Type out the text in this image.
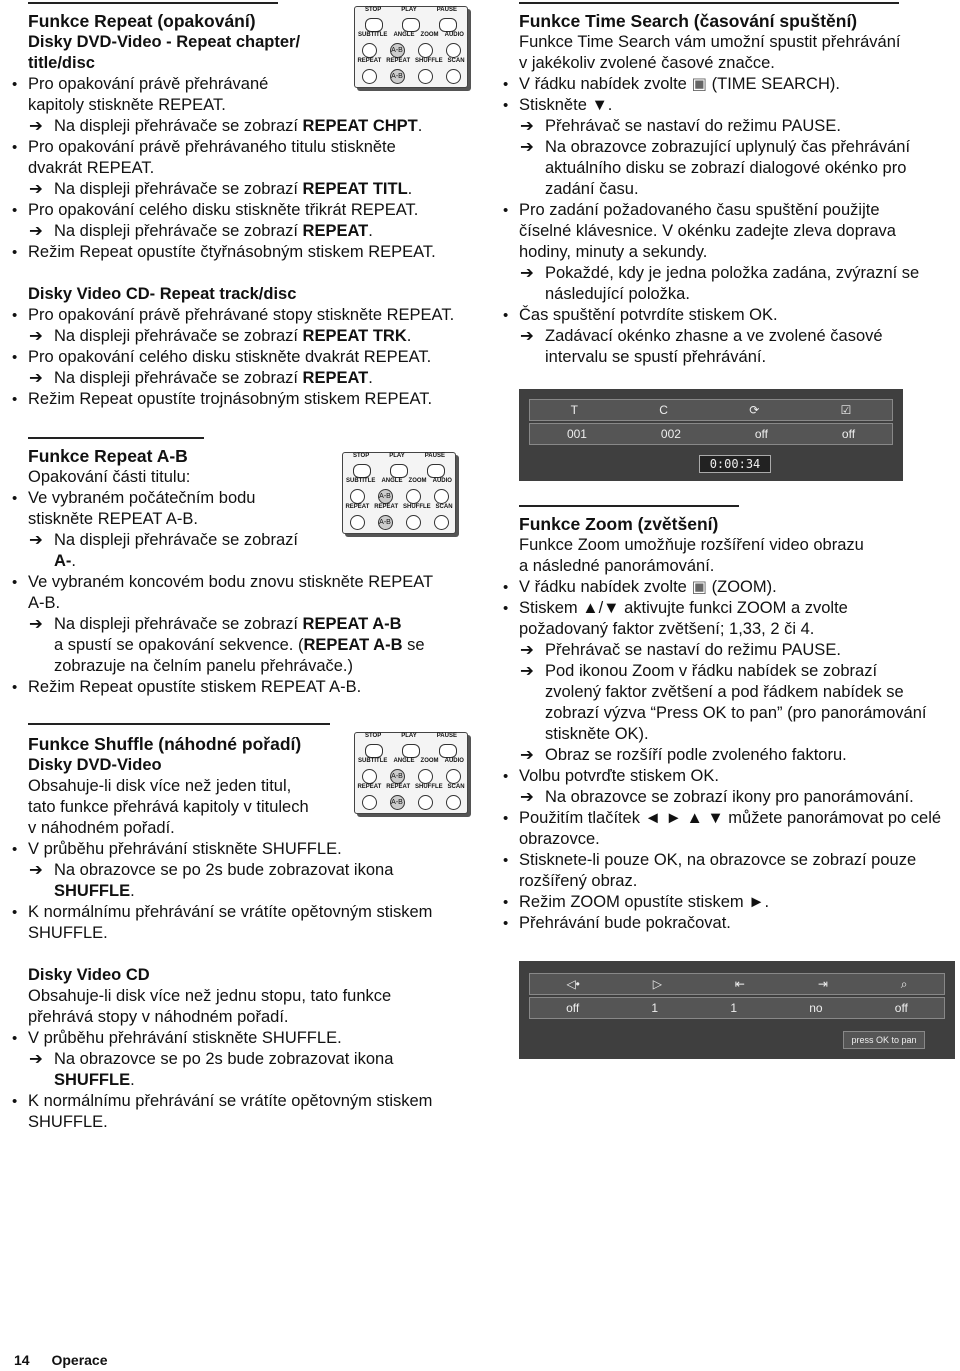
Funkce Repeat (opakování)
Disky DVD-Video - Repeat chapter/
title/disc
• Pro opakování právě přehrávané
kapitoly stiskněte REPEAT.
➔ Na displeji přehrávače se zobrazí REPEAT CHPT.
• Pro opakování právě přehrávaného titulu stiskněte
dvakrát REPEAT.
➔ Na displeji přehrávače se zobrazí REPEAT TITL.
• Pro opakování celého disku stiskněte třikrát REPEAT.
➔ Na displeji přehrávače se zobrazí REPEAT.
• Režim Repeat opustíte čtyřnásobným stiskem REPEAT.
Disky Video CD- Repeat track/disc
• Pro opakování právě přehrávané stopy stiskněte REPEAT.
➔ Na displeji přehrávače se zobrazí REPEAT TRK.
• Pro opakování celého disku stiskněte dvakrát REPEAT.
➔ Na displeji přehrávače se zobrazí REPEAT.
• Režim Repeat opustíte trojnásobným stiskem REPEAT.
Funkce Repeat A-B

Opakování části titulu:

• Ve vybraném počátečním bodu
stiskněte REPEAT A-B.
➔ Na displeji přehrávače se zobrazí
A-.
• Ve vybraném koncovém bodu znovu stiskněte REPEAT
A-B.
➔ Na displeji přehrávače se zobrazí REPEAT A-B
a spustí se opakování sekvence. (REPEAT A-B se
zobrazuje na čelním panelu přehrávače.)
• Režim Repeat opustíte stiskem REPEAT A-B.
Funkce Shuffle (náhodné pořadí)
Disky DVD-Video

Obsahuje-li disk více než jeden titul,

tato funkce přehrává kapitoly v titulech

v náhodném pořadí.

• V průběhu přehrávání stiskněte SHUFFLE.
➔ Na obrazovce se po 2s bude zobrazovat ikona SHUFFLE.
• K normálnímu přehrávání se vrátíte opětovným stiskem
SHUFFLE.
Disky Video CD

Obsahuje-li disk více než jednu stopu, tato funkce

přehrává stopy v náhodném pořadí.

• V průběhu přehrávání stiskněte SHUFFLE.
➔ Na obrazovce se po 2s bude zobrazovat ikona SHUFFLE.
• K normálnímu přehrávání se vrátíte opětovným stiskem
SHUFFLE.
STOP	PLAY	PAUSE
SUBTITLE ANGLE ZOOM AUDIO
A-B
REPEAT REPEAT SHUFFLE SCAN
A-B
STOP	PLAY	PAUSE
SUBTITLE ANGLE ZOOM AUDIO
A-B
REPEAT REPEAT SHUFFLE SCAN
A-B
STOP	PLAY	PAUSE
SUBTITLE ANGLE ZOOM AUDIO
A-B
REPEAT REPEAT SHUFFLE SCAN
A-B
Funkce Time Search (časování spuštění)

Funkce Time Search vám umožní spustit přehrávání

v jakékoliv zvolené časové značce.

• V řádku nabídek zvolte ▣ (TIME SEARCH).
• Stiskněte ▼.
➔ Přehrávač se nastaví do režimu PAUSE.
➔ Na obrazovce zobrazující uplynulý čas přehrávání
aktuálního disku se zobrazí dialogové okénko pro
zadání času.
• Pro zadání požadovaného času spuštění použijte
číselné klávesnice. V okénku zadejte zleva doprava
hodiny, minuty a sekundy.
➔ Pokaždé, kdy je jedna položka zadána, zvýrazní se
následující položka.
• Čas spuštění potvrdíte stiskem OK.
➔ Zadávací okénko zhasne a ve zvolené časové
intervalu se spustí přehrávání.
Funkce Zoom (zvětšení)

Funkce Zoom umožňuje rozšíření video obrazu

a následné panorámování.

• V řádku nabídek zvolte ▣ (ZOOM).
• Stiskem ▲/▼ aktivujte funkci ZOOM a zvolte
požadovaný faktor zvětšení; 1,33, 2 či 4.
➔ Přehrávač se nastaví do režimu PAUSE.
➔ Pod ikonou Zoom v řádku nabídek se zobrazí
zvolený faktor zvětšení a pod řádkem nabídek se
zobrazí výzva “Press OK to pan” (pro panorámování
stiskněte OK).
➔ Obraz se rozšíří podle zvoleného faktoru.
• Volbu potvrďte stiskem OK.
➔ Na obrazovce se zobrazí ikony pro panorámování.
• Použitím tlačítek ◄ ► ▲ ▼ můžete panorámovat po celé
obrazovce.
• Stisknete-li pouze OK, na obrazovce se zobrazí pouze
rozšířený obraz.
• Režim ZOOM opustíte stiskem ►.
• Přehrávání bude pokračovat.
T	C	⟳	☑
001	002	off	off
0:00:34
◁•	▷	⇤	⇥	⌕
off	1	1	no	off
press OK to pan
14 Operace
